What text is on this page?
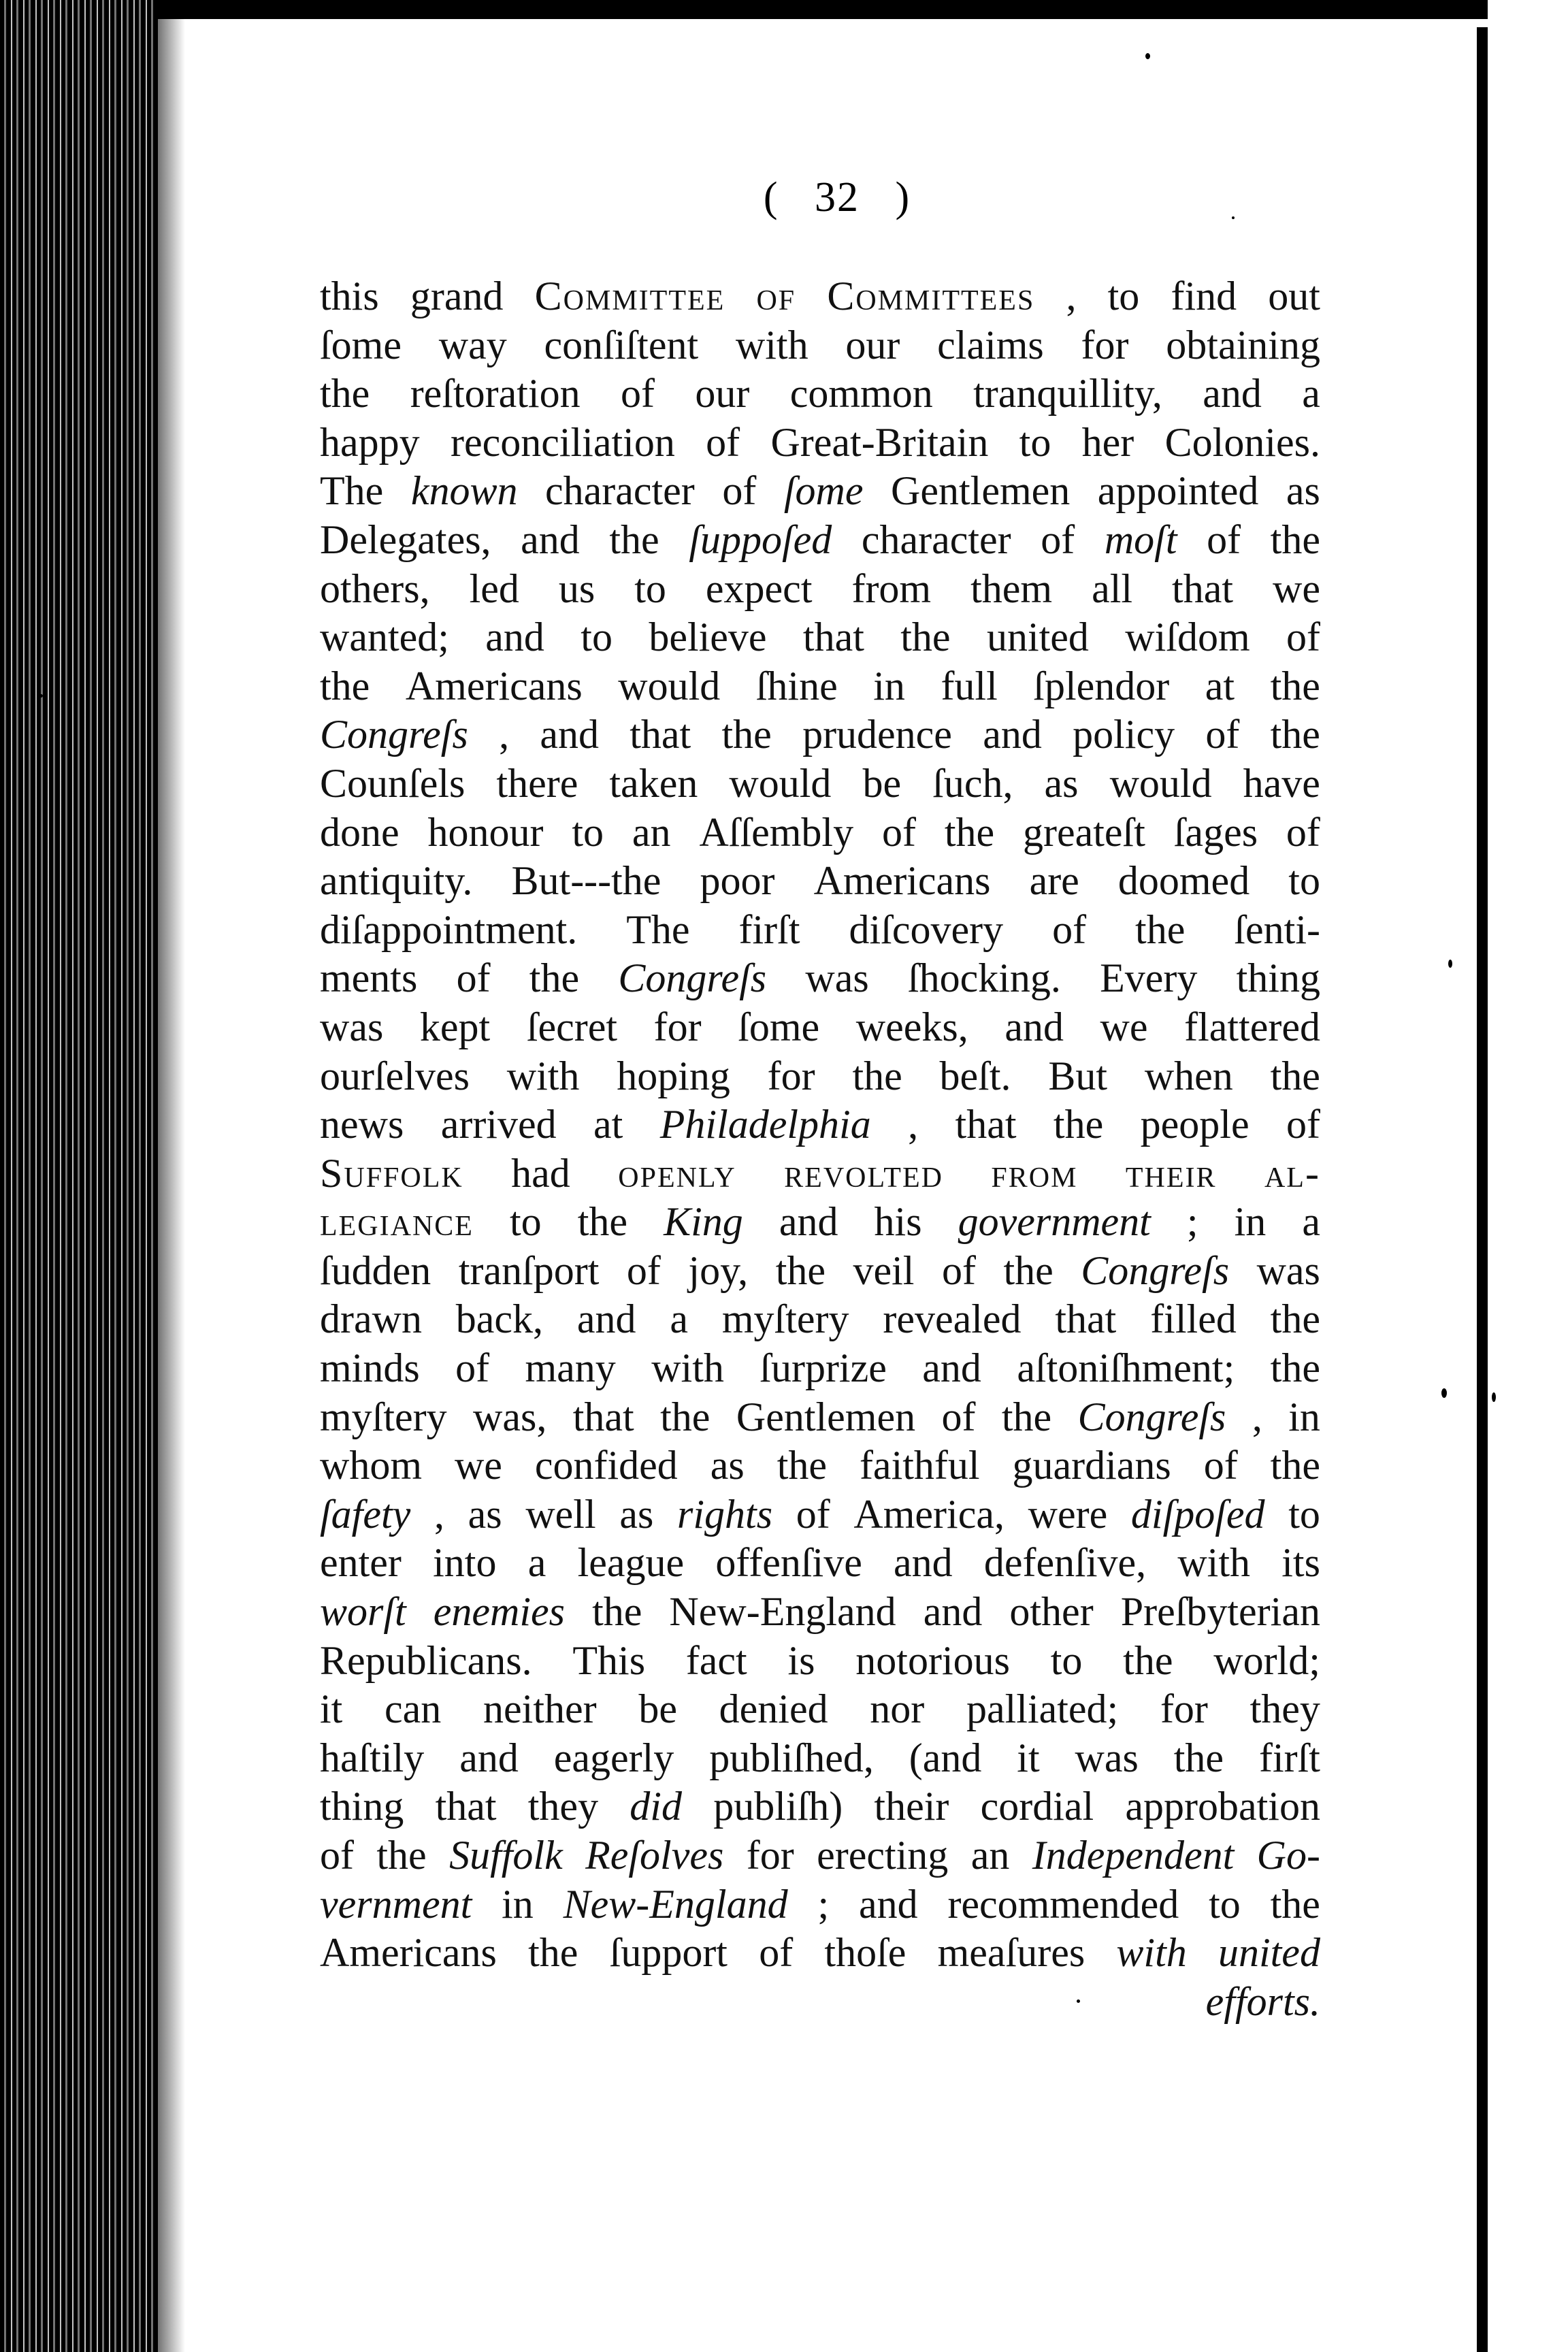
( 32 )
this grand Committee of Committees , to find out
ſome way conſiſtent with our claims for obtaining
the reſtoration of our common tranquillity, and a
happy reconciliation of Great-Britain to her Colonies.
The known character of ſome Gentlemen appointed as
Delegates, and the ſuppoſed character of moſt of the
others, led us to expect from them all that we
wanted; and to believe that the united wiſdom of
the Americans would ſhine in full ſplendor at the
Congreſs , and that the prudence and policy of the
Counſels there taken would be ſuch, as would have
done honour to an Aſſembly of the greateſt ſages of
antiquity. But---the poor Americans are doomed to
diſappointment. The firſt diſcovery of the ſenti-
ments of the Congreſs was ſhocking. Every thing
was kept ſecret for ſome weeks, and we flattered
ourſelves with hoping for the beſt. But when the
news arrived at Philadelphia , that the people of
Suffolk had openly revolted from their al-
legiance to the King and his government ; in a
ſudden tranſport of joy, the veil of the Congreſs was
drawn back, and a myſtery revealed that filled the
minds of many with ſurprize and aſtoniſhment; the
myſtery was, that the Gentlemen of the Congreſs , in
whom we confided as the faithful guardians of the
ſafety , as well as rights of America, were diſpoſed to
enter into a league offenſive and defenſive, with its
worſt enemies the New-England and other Preſbyterian
Republicans. This fact is notorious to the world;
it can neither be denied nor palliated; for they
haſtily and eagerly publiſhed, (and it was the firſt
thing that they did publiſh) their cordial approbation
of the Suffolk Reſolves for erecting an Independent Go-
vernment in New-England ; and recommended to the
Americans the ſupport of thoſe meaſures with united
efforts.
